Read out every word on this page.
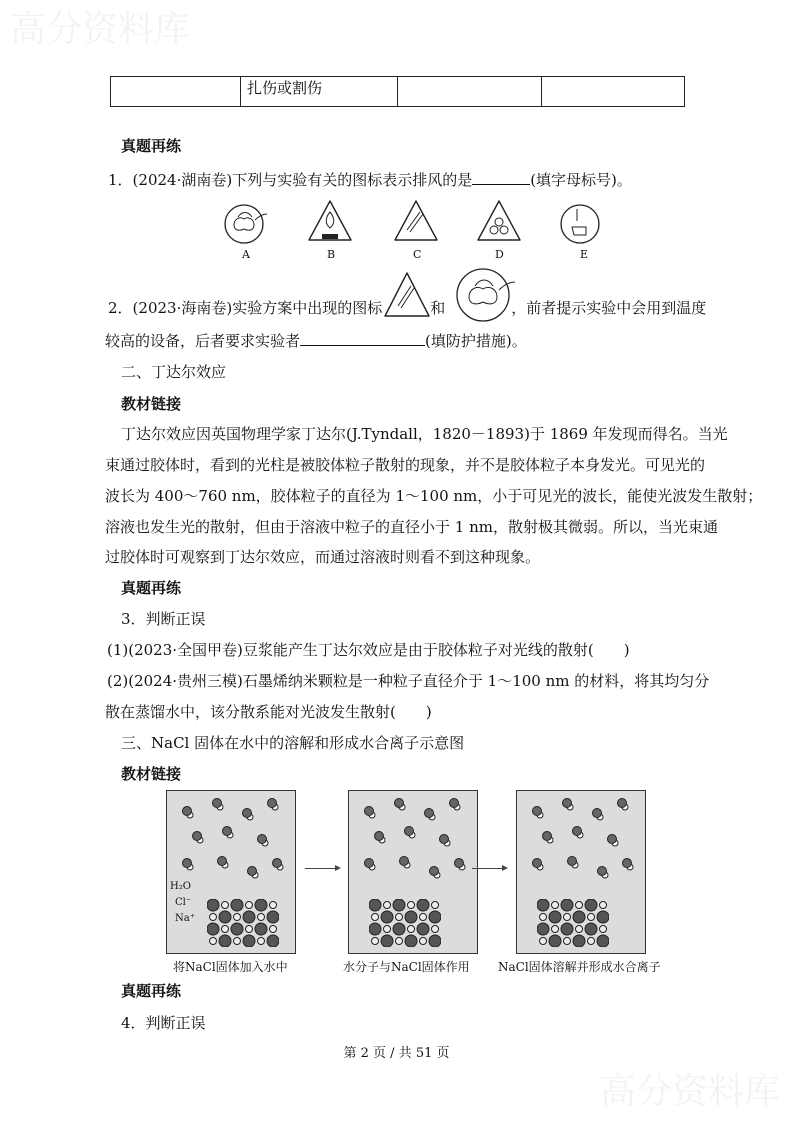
高分资料库
高分资料库
	扎伤或割伤		
真题再练
1．(2024·湖南卷)下列与实验有关的图标表示排风的是	(填字母标号)。
A	B	C	D	E
2．(2023·海南卷)实验方案中出现的图标	和	，前者提示实验中会用到温度
较高的设备，后者要求实验者	(填防护措施)。
二、丁达尔效应
教材链接
丁达尔效应因英国物理学家丁达尔(J.Tyndall，1820－1893)于 1869 年发现而得名。当光
束通过胶体时，看到的光柱是被胶体粒子散射的现象，并不是胶体粒子本身发光。可见光的
波长为 400～760 nm，胶体粒子的直径为 1～100 nm，小于可见光的波长，能使光波发生散射；
溶液也发生光的散射，但由于溶液中粒子的直径小于 1 nm，散射极其微弱。所以，当光束通
过胶体时可观察到丁达尔效应，而通过溶液时则看不到这种现象。
真题再练
3．判断正误
(1)(2023·全国甲卷)豆浆能产生丁达尔效应是由于胶体粒子对光线的散射(　　)
(2)(2024·贵州三模)石墨烯纳米颗粒是一种粒子直径介于 1～100 nm 的材料，将其均匀分
散在蒸馏水中，该分散系能对光波发生散射(　　)
三、NaCl 固体在水中的溶解和形成水合离子示意图
教材链接
H₂O
Cl⁻
Na⁺
将NaCl固体加入水中	水分子与NaCl固体作用 NaCl固体溶解并形成水合离子
真题再练
4．判断正误
第 2 页 / 共 51 页
